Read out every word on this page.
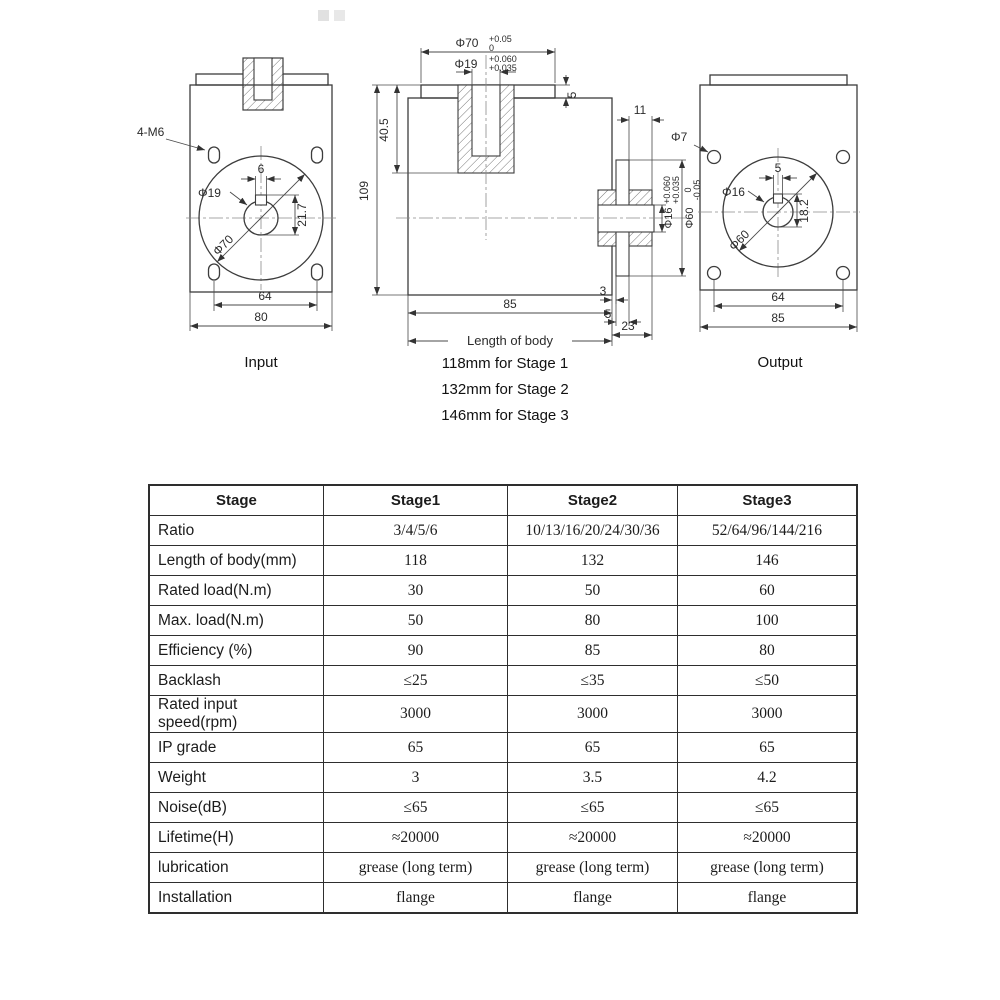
4-M6
6
Φ19
21.7
Φ70
64
80
Input
Φ70 +0.05
0
Φ19 +0.060
+0.035
5
40.5
109
11
Φ16
+0.060 +0.035
Φ60
0 -0.05
85
3
5
23
Length of body
118mm for Stage 1
132mm for Stage 2
146mm for Stage 3
Φ7
5
Φ16
18.2
Φ60
64
85
Output
Stage	Stage1	Stage2	Stage3
Ratio	3/4/5/6	10/13/16/20/24/30/36	52/64/96/144/216
Length of body(mm)	118	132	146
Rated load(N.m)	30	50	60
Max. load(N.m)	50	80	100
Efficiency (%)	90	85	80
Backlash	≤25	≤35	≤50
Rated input speed(rpm)	3000	3000	3000
IP grade	65	65	65
Weight	3	3.5	4.2
Noise(dB)	≤65	≤65	≤65
Lifetime(H)	≈20000	≈20000	≈20000
lubrication	grease (long term)	grease (long term)	grease (long term)
Installation	flange	flange	flange
